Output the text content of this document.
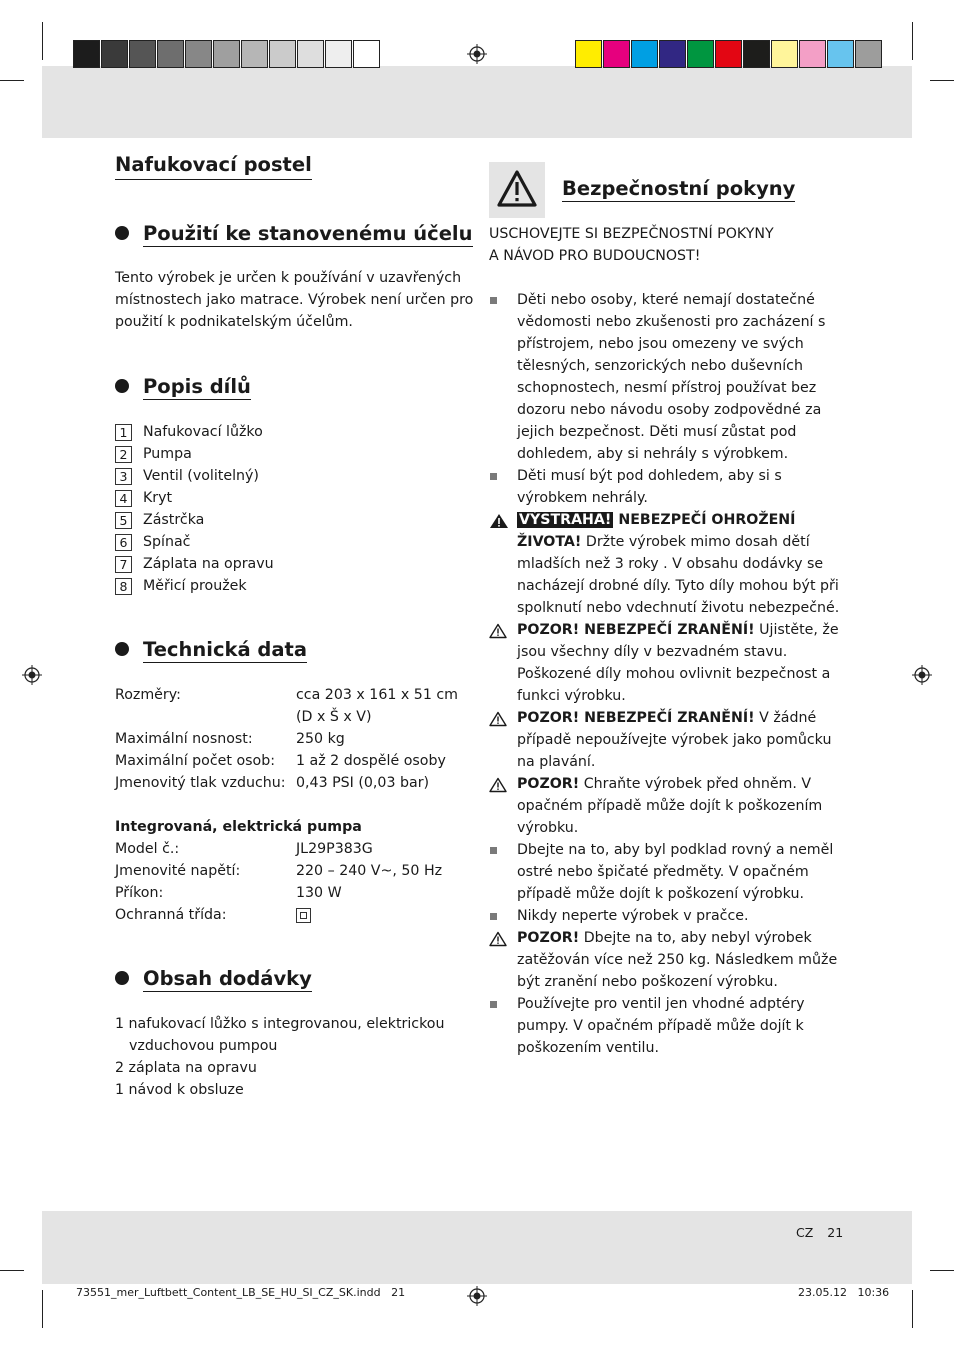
Nafukovací postel
Použití ke stanovenému účelu
Tento výrobek je určen k používání v uzavřených
místnostech jako matrace. Výrobek není určen pro
použití k podnikatelským účelům.
Popis dílů
1	Nafukovací lůžko
2	Pumpa
3	Ventil (volitelný)
4	Kryt
5	Zástrčka
6	Spínač
7	Záplata na opravu
8	Měřicí proužek
Technická data
Rozměry:	cca 203 x 161 x 51 cm
(D x Š x V)
Maximální nosnost:	250 kg
Maximální počet osob:	1 až 2 dospělé osoby
Jmenovitý tlak vzduchu: 0,43 PSI (0,03 bar)
Integrovaná, elektrická pumpa
Model č.:	JL29P383G
Jmenovité napětí:	220 – 240 V~, 50 Hz
Příkon:	130 W
Ochranná třída:
Obsah dodávky
1 nafukovací lůžko s integrovanou, elektrickou
vzduchovou pumpou
2 záplata na opravu
1 návod k obsluze
Bezpečnostní pokyny
USCHOVEJTE SI BEZPEČNOSTNÍ POKYNY
A NÁVOD PRO BUDOUCNOST!
Děti nebo osoby, které nemají dostatečné vědomosti nebo zkušenosti pro zacházení s přístrojem, nebo jsou omezeny ve svých tělesných, senzorických nebo duševních schopnostech, nesmí přístroj používat bez dozoru nebo návodu osoby zodpovědné za jejich bezpečnost. Děti musí zůstat pod dohledem, aby si nehrály s výrobkem.
Děti musí být pod dohledem, aby si s výrobkem nehrály.
VÝSTRAHA! NEBEZPEČÍ OHROŽENÍ ŽIVOTA! Držte výrobek mimo dosah dětí mladších než 3 roky . V obsahu dodávky se nacházejí drobné díly. Tyto díly mohou být při spolknutí nebo vdechnutí životu nebezpečné.
POZOR! NEBEZPEČÍ ZRANĚNÍ! Ujistěte, že jsou všechny díly v bezvadném stavu. Poškozené díly mohou ovlivnit bezpečnost a funkci výrobku.
POZOR! NEBEZPEČÍ ZRANĚNÍ! V žádné případě nepoužívejte výrobek jako pomůcku na plavání.
POZOR! Chraňte výrobek před ohněm. V opačném případě může dojít k poškozením výrobku.
Dbejte na to, aby byl podklad rovný a neměl ostré nebo špičaté předměty. V opačném případě může dojít k poškození výrobku.
Nikdy neperte výrobek v pračce.
POZOR! Dbejte na to, aby nebyl výrobek zatěžován více než 250 kg. Následkem může být zranění nebo poškození výrobku.
Používejte pro ventil jen vhodné adptéry pumpy. V opačném případě může dojít k poškozením ventilu.
CZ 21
73551_mer_Luftbett_Content_LB_SE_HU_SI_CZ_SK.indd   21	23.05.12   10:36
